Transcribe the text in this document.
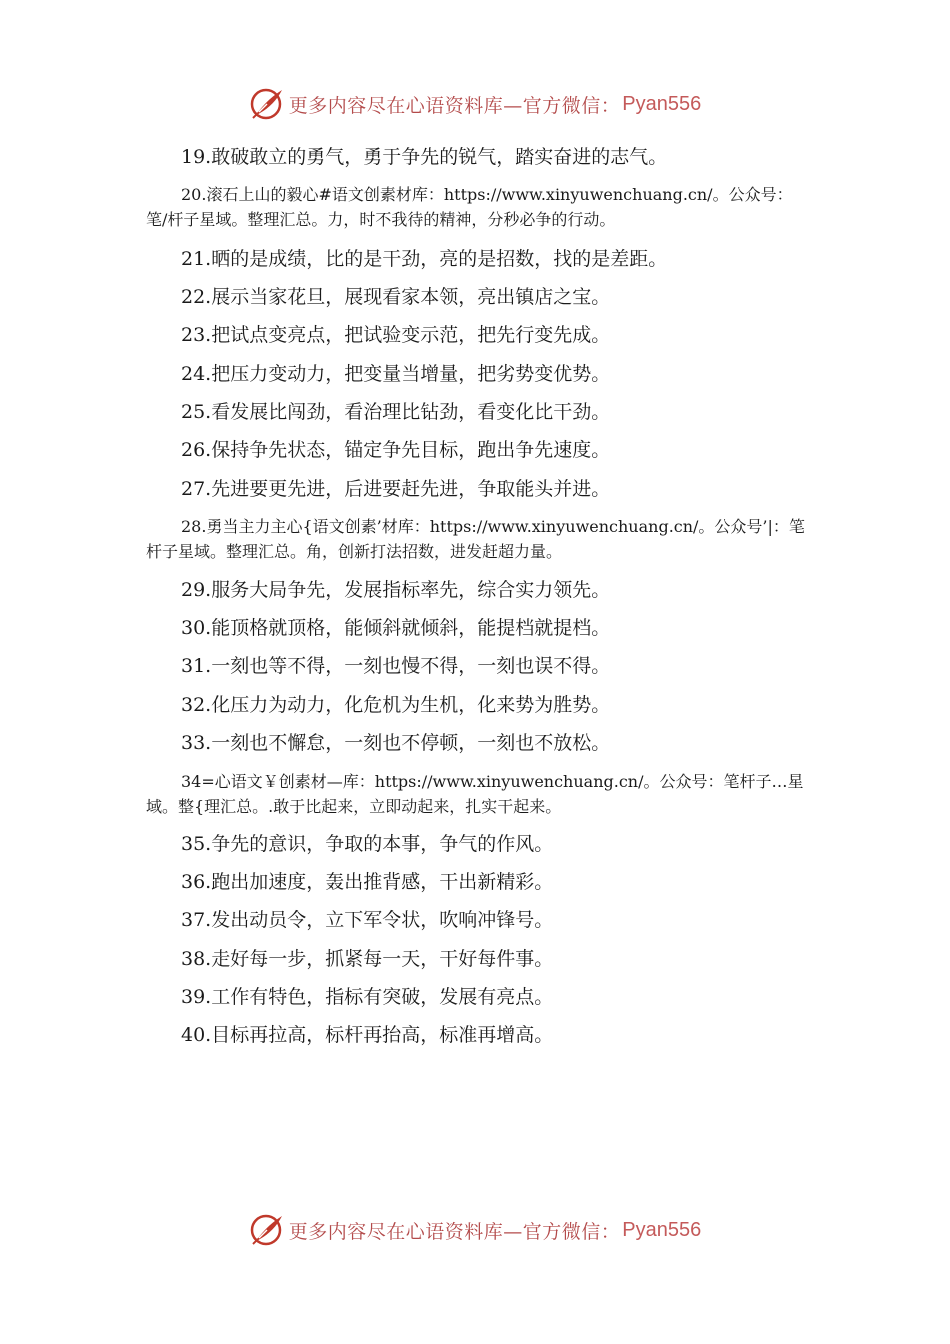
更多内容尽在心语资料库—官方微信： Pyan556
19.敢破敢立的勇气，勇于争先的锐气，踏实奋进的志气。
20.滚石上山的毅心#语文创素材库：https://www.xinyuwenchuang.cn/。公众号：笔/杆子星域。整理汇总。力，时不我待的精神，分秒必争的行动。
21.晒的是成绩，比的是干劲，亮的是招数，找的是差距。
22.展示当家花旦，展现看家本领，亮出镇店之宝。
23.把试点变亮点，把试验变示范，把先行变先成。
24.把压力变动力，把变量当增量，把劣势变优势。
25.看发展比闯劲，看治理比钻劲，看变化比干劲。
26.保持争先状态，锚定争先目标，跑出争先速度。
27.先进要更先进，后进要赶先进，争取能头并进。
28.勇当主力主心{语文创素’材库：https://www.xinyuwenchuang.cn/。公众号’|：笔杆子星域。整理汇总。角，创新打法招数，进发赶超力量。
29.服务大局争先，发展指标率先，综合实力领先。
30.能顶格就顶格，能倾斜就倾斜，能提档就提档。
31.一刻也等不得，一刻也慢不得，一刻也误不得。
32.化压力为动力，化危机为生机，化来势为胜势。
33.一刻也不懈怠，一刻也不停顿，一刻也不放松。
34=心语文￥创素材—库：https://www.xinyuwenchuang.cn/。公众号：笔杆子…星域。整{理汇总。.敢于比起来，立即动起来，扎实干起来。
35.争先的意识，争取的本事，争气的作风。
36.跑出加速度，轰出推背感，干出新精彩。
37.发出动员令，立下军令状，吹响冲锋号。
38.走好每一步，抓紧每一天，干好每件事。
39.工作有特色，指标有突破，发展有亮点。
40.目标再拉高，标杆再抬高，标准再增高。
更多内容尽在心语资料库—官方微信： Pyan556
